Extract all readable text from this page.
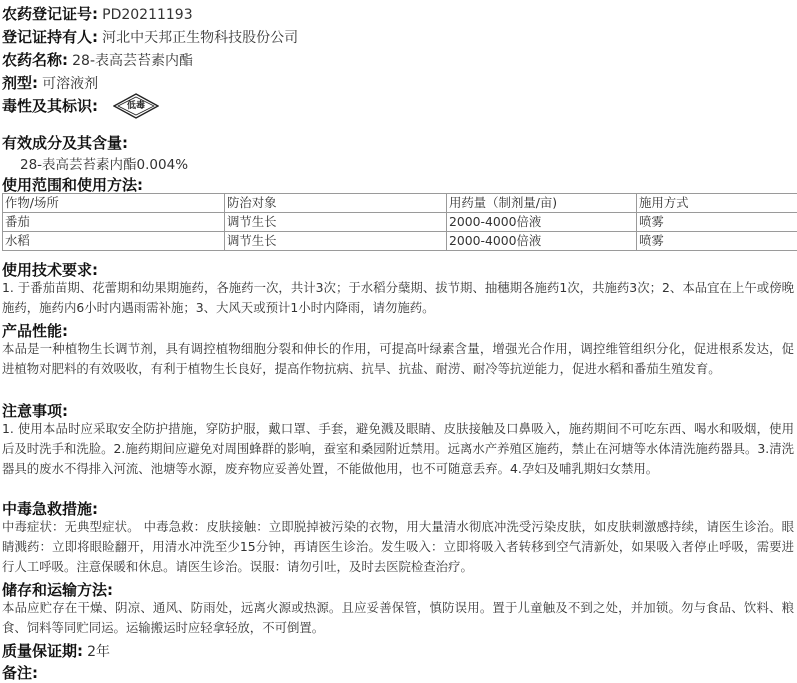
农药登记证号: PD20211193
登记证持有人: 河北中天邦正生物科技股份公司
农药名称: 28-表高芸苔素内酯
剂型: 可溶液剂
毒性及其标识:	低毒
有效成分及其含量:
28-表高芸苔素内酯0.004%
使用范围和使用方法:
作物/场所	防治对象	用药量（制剂量/亩)	施用方式
番茄	调节生长	2000-4000倍液	喷雾
水稻	调节生长	2000-4000倍液	喷雾
使用技术要求:
1. 于番茄苗期、花蕾期和幼果期施药，各施药一次，共计3次；于水稻分蘖期、拔节期、抽穗期各施药1次，共施药3次；2、本品宜在上午或傍晚施药，施药内6小时内遇雨需补施；3、大风天或预计1小时内降雨，请勿施药。
产品性能:
本品是一种植物生长调节剂，具有调控植物细胞分裂和伸长的作用，可提高叶绿素含量，增强光合作用，调控维管组织分化，促进根系发达，促进植物对肥料的有效吸收，有利于植物生长良好，提高作物抗病、抗旱、抗盐、耐涝、耐冷等抗逆能力，促进水稻和番茄生殖发育。
注意事项:
1. 使用本品时应采取安全防护措施，穿防护服，戴口罩、手套，避免溅及眼睛、皮肤接触及口鼻吸入，施药期间不可吃东西、喝水和吸烟，使用后及时洗手和洗脸。2.施药期间应避免对周围蜂群的影响，蚕室和桑园附近禁用。远离水产养殖区施药，禁止在河塘等水体清洗施药器具。3.清洗器具的废水不得排入河流、池塘等水源，废弃物应妥善处置，不能做他用，也不可随意丢弃。4.孕妇及哺乳期妇女禁用。
中毒急救措施:
中毒症状：无典型症状。 中毒急救：皮肤接触：立即脱掉被污染的衣物，用大量清水彻底冲洗受污染皮肤，如皮肤刺激感持续，请医生诊治。眼睛溅药：立即将眼睑翻开，用清水冲洗至少15分钟，再请医生诊治。发生吸入：立即将吸入者转移到空气清新处，如果吸入者停止呼吸，需要进行人工呼吸。注意保暖和休息。请医生诊治。误服：请勿引吐，及时去医院检查治疗。
储存和运输方法:
本品应贮存在干燥、阴凉、通风、防雨处，远离火源或热源。且应妥善保管，慎防误用。置于儿童触及不到之处，并加锁。勿与食品、饮料、粮食、饲料等同贮同运。运输搬运时应轻拿轻放，不可倒置。
质量保证期: 2年
备注:
